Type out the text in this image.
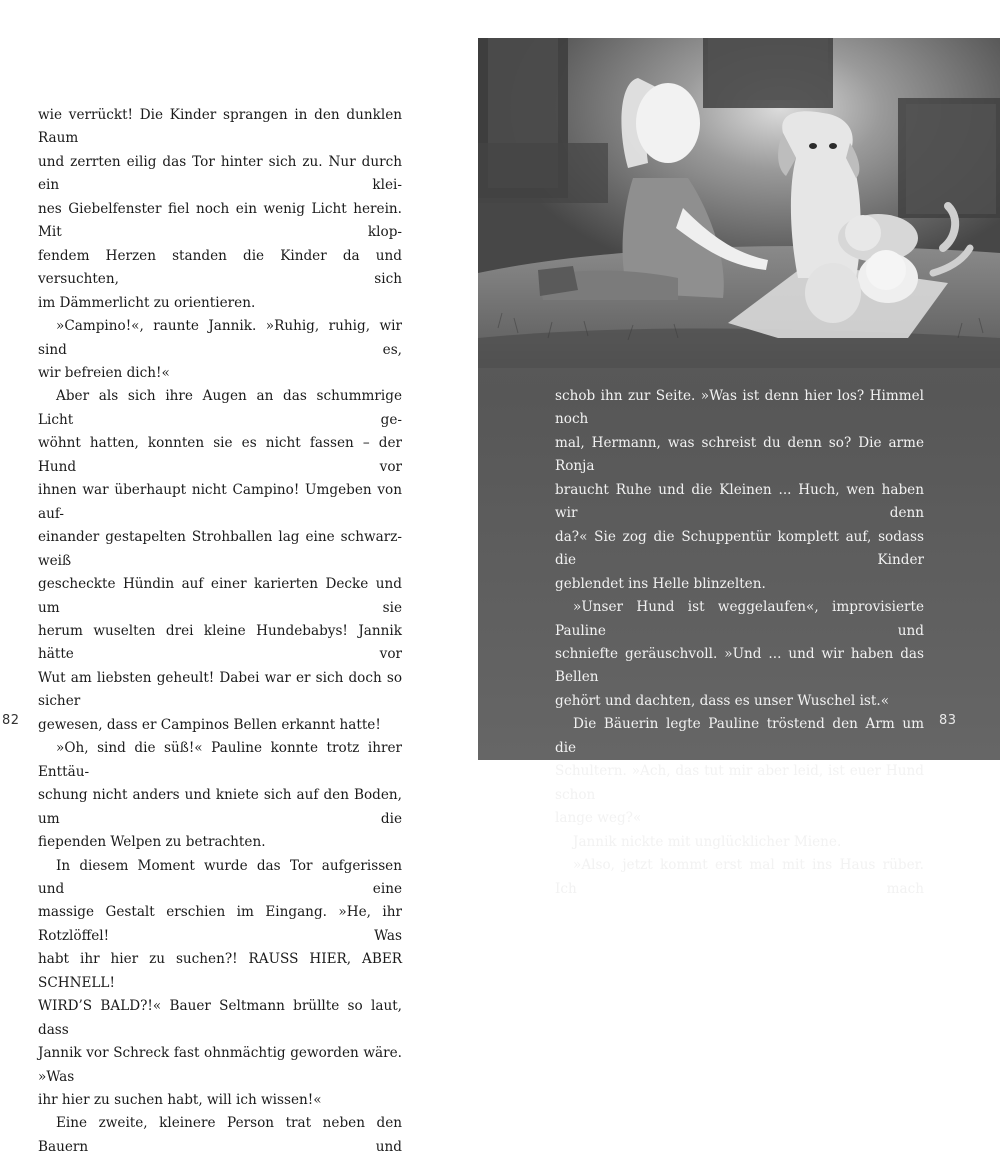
wie verrückt! Die Kinder sprangen in den dunklen Raum
und zerrten eilig das Tor hinter sich zu. Nur durch ein klei-
nes Giebelfenster fiel noch ein wenig Licht herein. Mit klop-
fendem Herzen standen die Kinder da und versuchten, sich
im Dämmerlicht zu orientieren.

»Campino!«, raunte Jannik. »Ruhig, ruhig, wir sind es,
wir befreien dich!«

Aber als sich ihre Augen an das schummrige Licht ge-
wöhnt hatten, konnten sie es nicht fassen – der Hund vor
ihnen war überhaupt nicht Campino! Umgeben von auf-
einander gestapelten Strohballen lag eine schwarz-weiß
gescheckte Hündin auf einer karierten Decke und um sie
herum wuselten drei kleine Hundebabys! Jannik hätte vor
Wut am liebsten geheult! Dabei war er sich doch so sicher
gewesen, dass er Campinos Bellen erkannt hatte!

»Oh, sind die süß!« Pauline konnte trotz ihrer Enttäu-
schung nicht anders und kniete sich auf den Boden, um die
fiependen Welpen zu betrachten.

In diesem Moment wurde das Tor aufgerissen und eine
massige Gestalt erschien im Eingang. »He, ihr Rotzlöffel! Was
habt ihr hier zu suchen?! RAUSS HIER, ABER SCHNELL!
WIRD’S BALD?!« Bauer Seltmann brüllte so laut, dass
Jannik vor Schreck fast ohnmächtig geworden wäre. »Was
ihr hier zu suchen habt, will ich wissen!«

Eine zweite, kleinere Person trat neben den Bauern und

82

schob ihn zur Seite. »Was ist denn hier los? Himmel noch
mal, Hermann, was schreist du denn so? Die arme Ronja
braucht Ruhe und die Kleinen ... Huch, wen haben wir denn
da?« Sie zog die Schuppentür komplett auf, sodass die Kinder
geblendet ins Helle blinzelten.

»Unser Hund ist weggelaufen«, improvisierte Pauline und
schniefte geräuschvoll. »Und ... und wir haben das Bellen
gehört und dachten, dass es unser Wuschel ist.«

Die Bäuerin legte Pauline tröstend den Arm um die
Schultern. »Ach, das tut mir aber leid, ist euer Hund schon
lange weg?«

Jannik nickte mit unglücklicher Miene.

»Also, jetzt kommt erst mal mit ins Haus rüber. Ich mach

83
